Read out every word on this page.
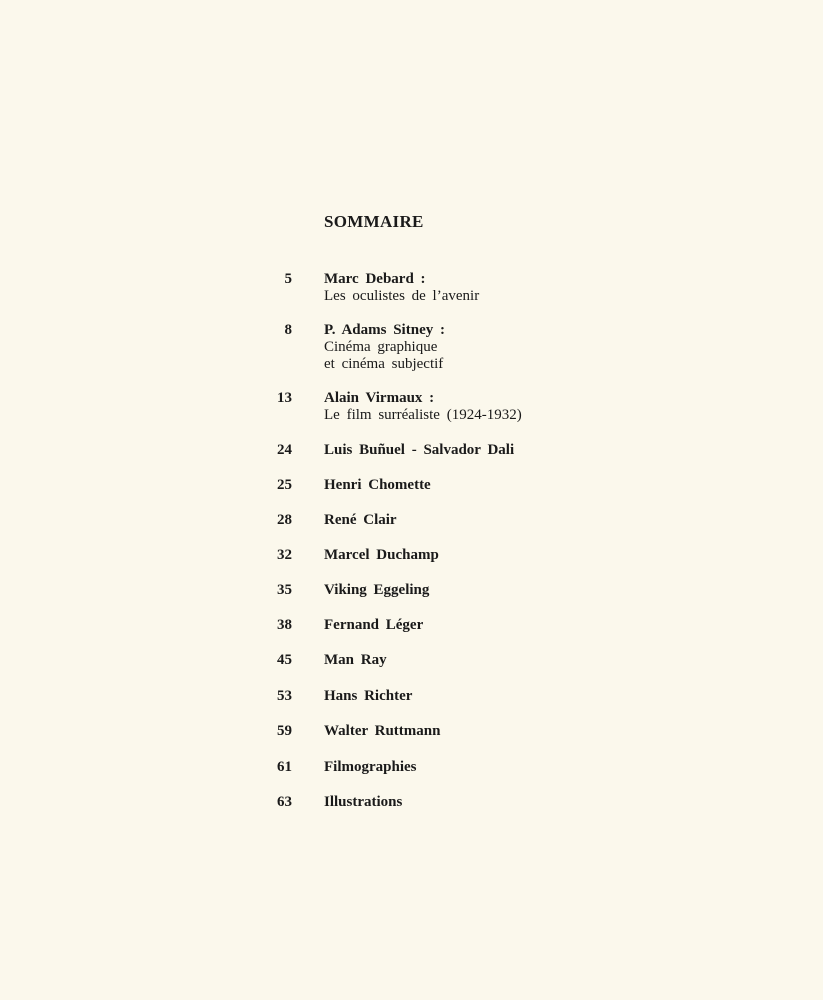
SOMMAIRE
5 Marc Debard :
Les oculistes de l’avenir
8 P. Adams Sitney :
Cinéma graphique
et cinéma subjectif
13 Alain Virmaux :
Le film surréaliste (1924-1932)
24 Luis Buñuel - Salvador Dali
25 Henri Chomette
28 René Clair
32 Marcel Duchamp
35 Viking Eggeling
38 Fernand Léger
45 Man Ray
53 Hans Richter
59 Walter Ruttmann
61 Filmographies
63 Illustrations
